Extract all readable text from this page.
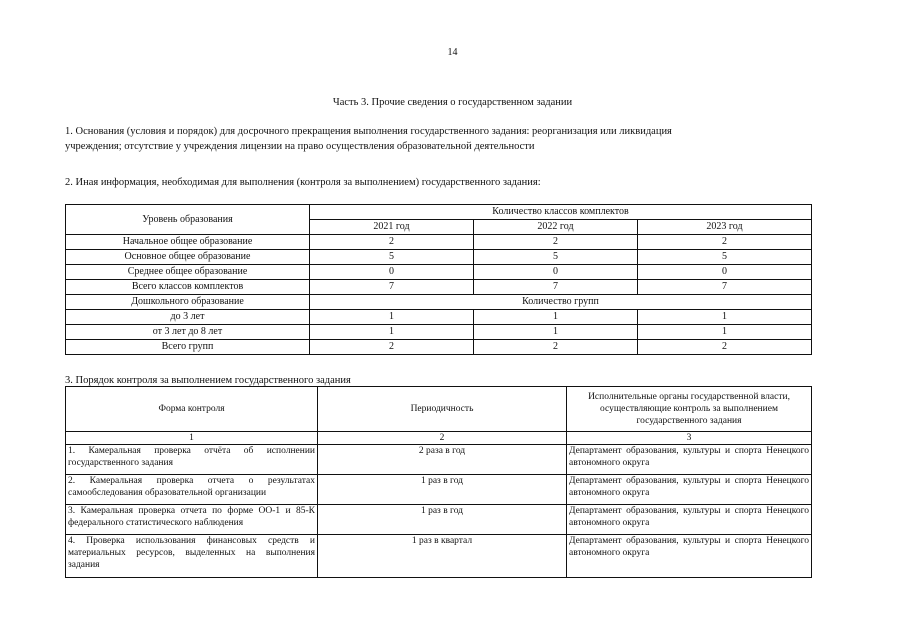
14
Часть 3. Прочие сведения о государственном задании
1. Основания (условия и порядок) для досрочного прекращения выполнения государственного задания: реорганизация или ликвидация
учреждения; отсутствие у учреждения лицензии на право осуществления образовательной деятельности
2. Иная информация, необходимая для выполнения (контроля за выполнением) государственного задания:
Уровень образования	Количество классов комплектов		
	2021 год	2022 год	2023 год
Начальное общее образование	2	2	2
Основное общее образование	5	5	5
Среднее общее образование	0	0	0
Всего классов комплектов	7	7	7
Дошкольного образование	Количество групп		
до 3 лет	1	1	1
от 3 лет до 8 лет	1	1	1
Всего групп	2	2	2
3. Порядок контроля за выполнением государственного задания
Форма контроля	Периодичность	Исполнительные органы государственной власти, осуществляющие контроль за выполнением государственного задания
1	2	3
1. Камеральная проверка отчёта об исполнении государственного задания	2 раза в год	Департамент образования, культуры и спорта Ненецкого автономного округа
2. Камеральная проверка отчета о результатах самообследования образовательной организации	1 раз в год	Департамент образования, культуры и спорта Ненецкого автономного округа
3. Камеральная проверка отчета по форме ОО-1 и 85-К федерального статистического наблюдения	1 раз в год	Департамент образования, культуры и спорта Ненецкого автономного округа
4. Проверка использования финансовых средств и материальных ресурсов, выделенных на выполнения задания	1 раз в квартал	Департамент образования, культуры и спорта Ненецкого автономного округа
